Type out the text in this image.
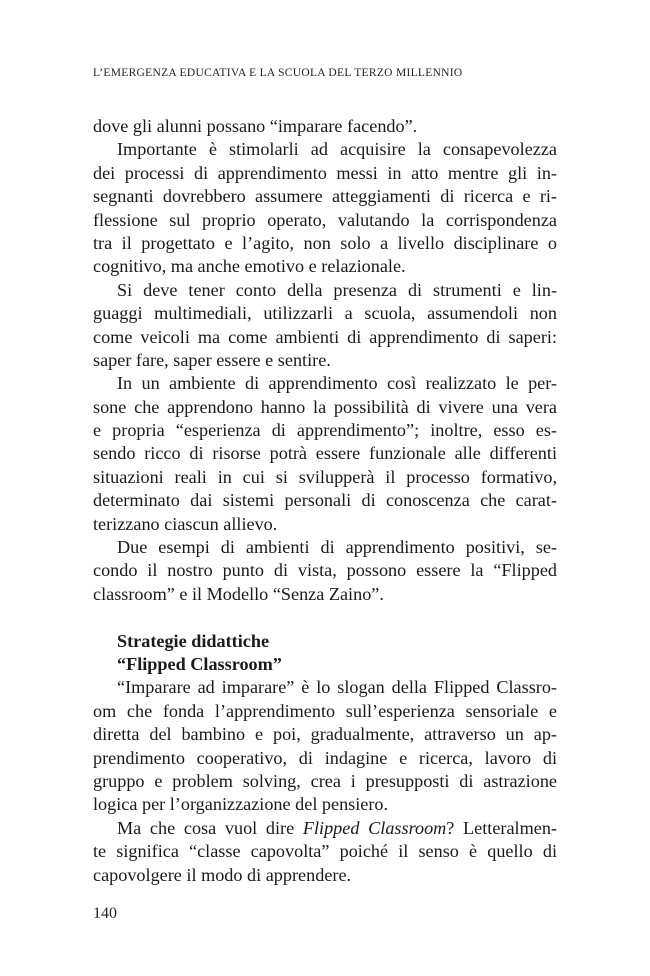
L’EMERGENZA EDUCATIVA E LA SCUOLA DEL TERZO MILLENNIO
dove gli alunni possano “imparare facendo”.
Importante è stimolarli ad acquisire la consapevolezza
dei processi di apprendimento messi in atto mentre gli in-
segnanti dovrebbero assumere atteggiamenti di ricerca e ri-
flessione sul proprio operato, valutando la corrispondenza
tra il progettato e l’agito, non solo a livello disciplinare o
cognitivo, ma anche emotivo e relazionale.
Si deve tener conto della presenza di strumenti e lin-
guaggi multimediali, utilizzarli a scuola, assumendoli non
come veicoli ma come ambienti di apprendimento di saperi:
saper fare, saper essere e sentire.
In un ambiente di apprendimento così realizzato le per-
sone che apprendono hanno la possibilità di vivere una vera
e propria “esperienza di apprendimento”; inoltre, esso es-
sendo ricco di risorse potrà essere funzionale alle differenti
situazioni reali in cui si svilupperà il processo formativo,
determinato dai sistemi personali di conoscenza che carat-
terizzano ciascun allievo.
Due esempi di ambienti di apprendimento positivi, se-
condo il nostro punto di vista, possono essere la “Flipped
classroom” e il Modello “Senza Zaino”.
Strategie didattiche
“Flipped Classroom”
“Imparare ad imparare” è lo slogan della Flipped Classro-
om che fonda l’apprendimento sull’esperienza sensoriale e
diretta del bambino e poi, gradualmente, attraverso un ap-
prendimento cooperativo, di indagine e ricerca, lavoro di
gruppo e problem solving, crea i presupposti di astrazione
logica per l’organizzazione del pensiero.
Ma che cosa vuol dire Flipped Classroom? Letteralmen-
te significa “classe capovolta” poiché il senso è quello di
capovolgere il modo di apprendere.
140
